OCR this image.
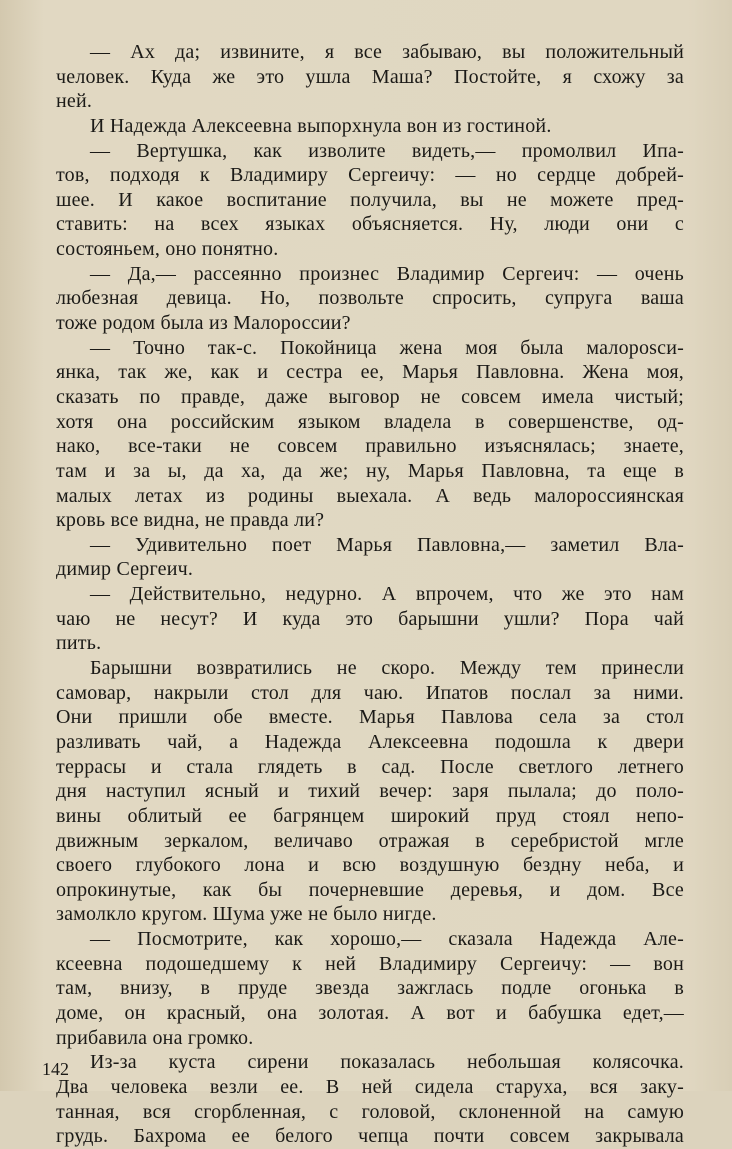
— Ах да; извините, я все забываю, вы положительный
человек. Куда же это ушла Маша? Постойте, я схожу за
ней.
И Надежда Алексеевна выпорхнула вон из гостиной.
— Вертушка, как изволите видеть,— промолвил Ипа-
тов, подходя к Владимиру Сергеичу: — но сердце добрей-
шее. И какое воспитание получила, вы не можете пред-
ставить: на всех языках объясняется. Ну, люди они с
состояньем, оно понятно.
— Да,— рассеянно произнес Владимир Сергеич: — очень
любезная девица. Но, позвольте спросить, супруга ваша
тоже родом была из Малороссии?
— Точно так-с. Покойница жена моя была малорosси-
янка, так же, как и сестра ее, Марья Павловна. Жена моя,
сказать по правде, даже выговор не совсем имела чистый;
хотя она российским языком владела в совершенстве, од-
нако, все-таки не совсем правильно изъяснялась; знаете,
там и за ы, да ха, да же; ну, Марья Павловна, та еще в
малых летах из родины выехала. А ведь малороссиянская
кровь все видна, не правда ли?
— Удивительно поет Марья Павловна,— заметил Вла-
димир Сергеич.
— Действительно, недурно. А впрочем, что же это нам
чаю не несут? И куда это барышни ушли? Пора чай
пить.
Барышни возвратились не скоро. Между тем принесли
самовар, накрыли стол для чаю. Ипатов послал за ними.
Они пришли обе вместе. Марья Павлова села за стол
разливать чай, а Надежда Алексеевна подошла к двери
террасы и стала глядеть в сад. После светлого летнего
дня наступил ясный и тихий вечер: заря пылала; до поло-
вины облитый ее багрянцем широкий пруд стоял непо-
движным зеркалом, величаво отражая в серебристой мгле
своего глубокого лона и всю воздушную бездну неба, и
опрокинутые, как бы почерневшие деревья, и дом. Все
замолкло кругом. Шума уже не было нигде.
— Посмотрите, как хорошо,— сказала Надежда Але-
ксеевна подошедшему к ней Владимиру Сергеичу: — вон
там, внизу, в пруде звезда зажглась подле огонька в
доме, он красный, она золотая. А вот и бабушка едет,—
прибавила она громко.
Из-за куста сирени показалась небольшая колясочка.
Два человека везли ее. В ней сидела старуха, вся заку-
танная, вся сгорбленная, с головой, склоненной на самую
грудь. Бахрома ее белого чепца почти совсем закрывала
142
